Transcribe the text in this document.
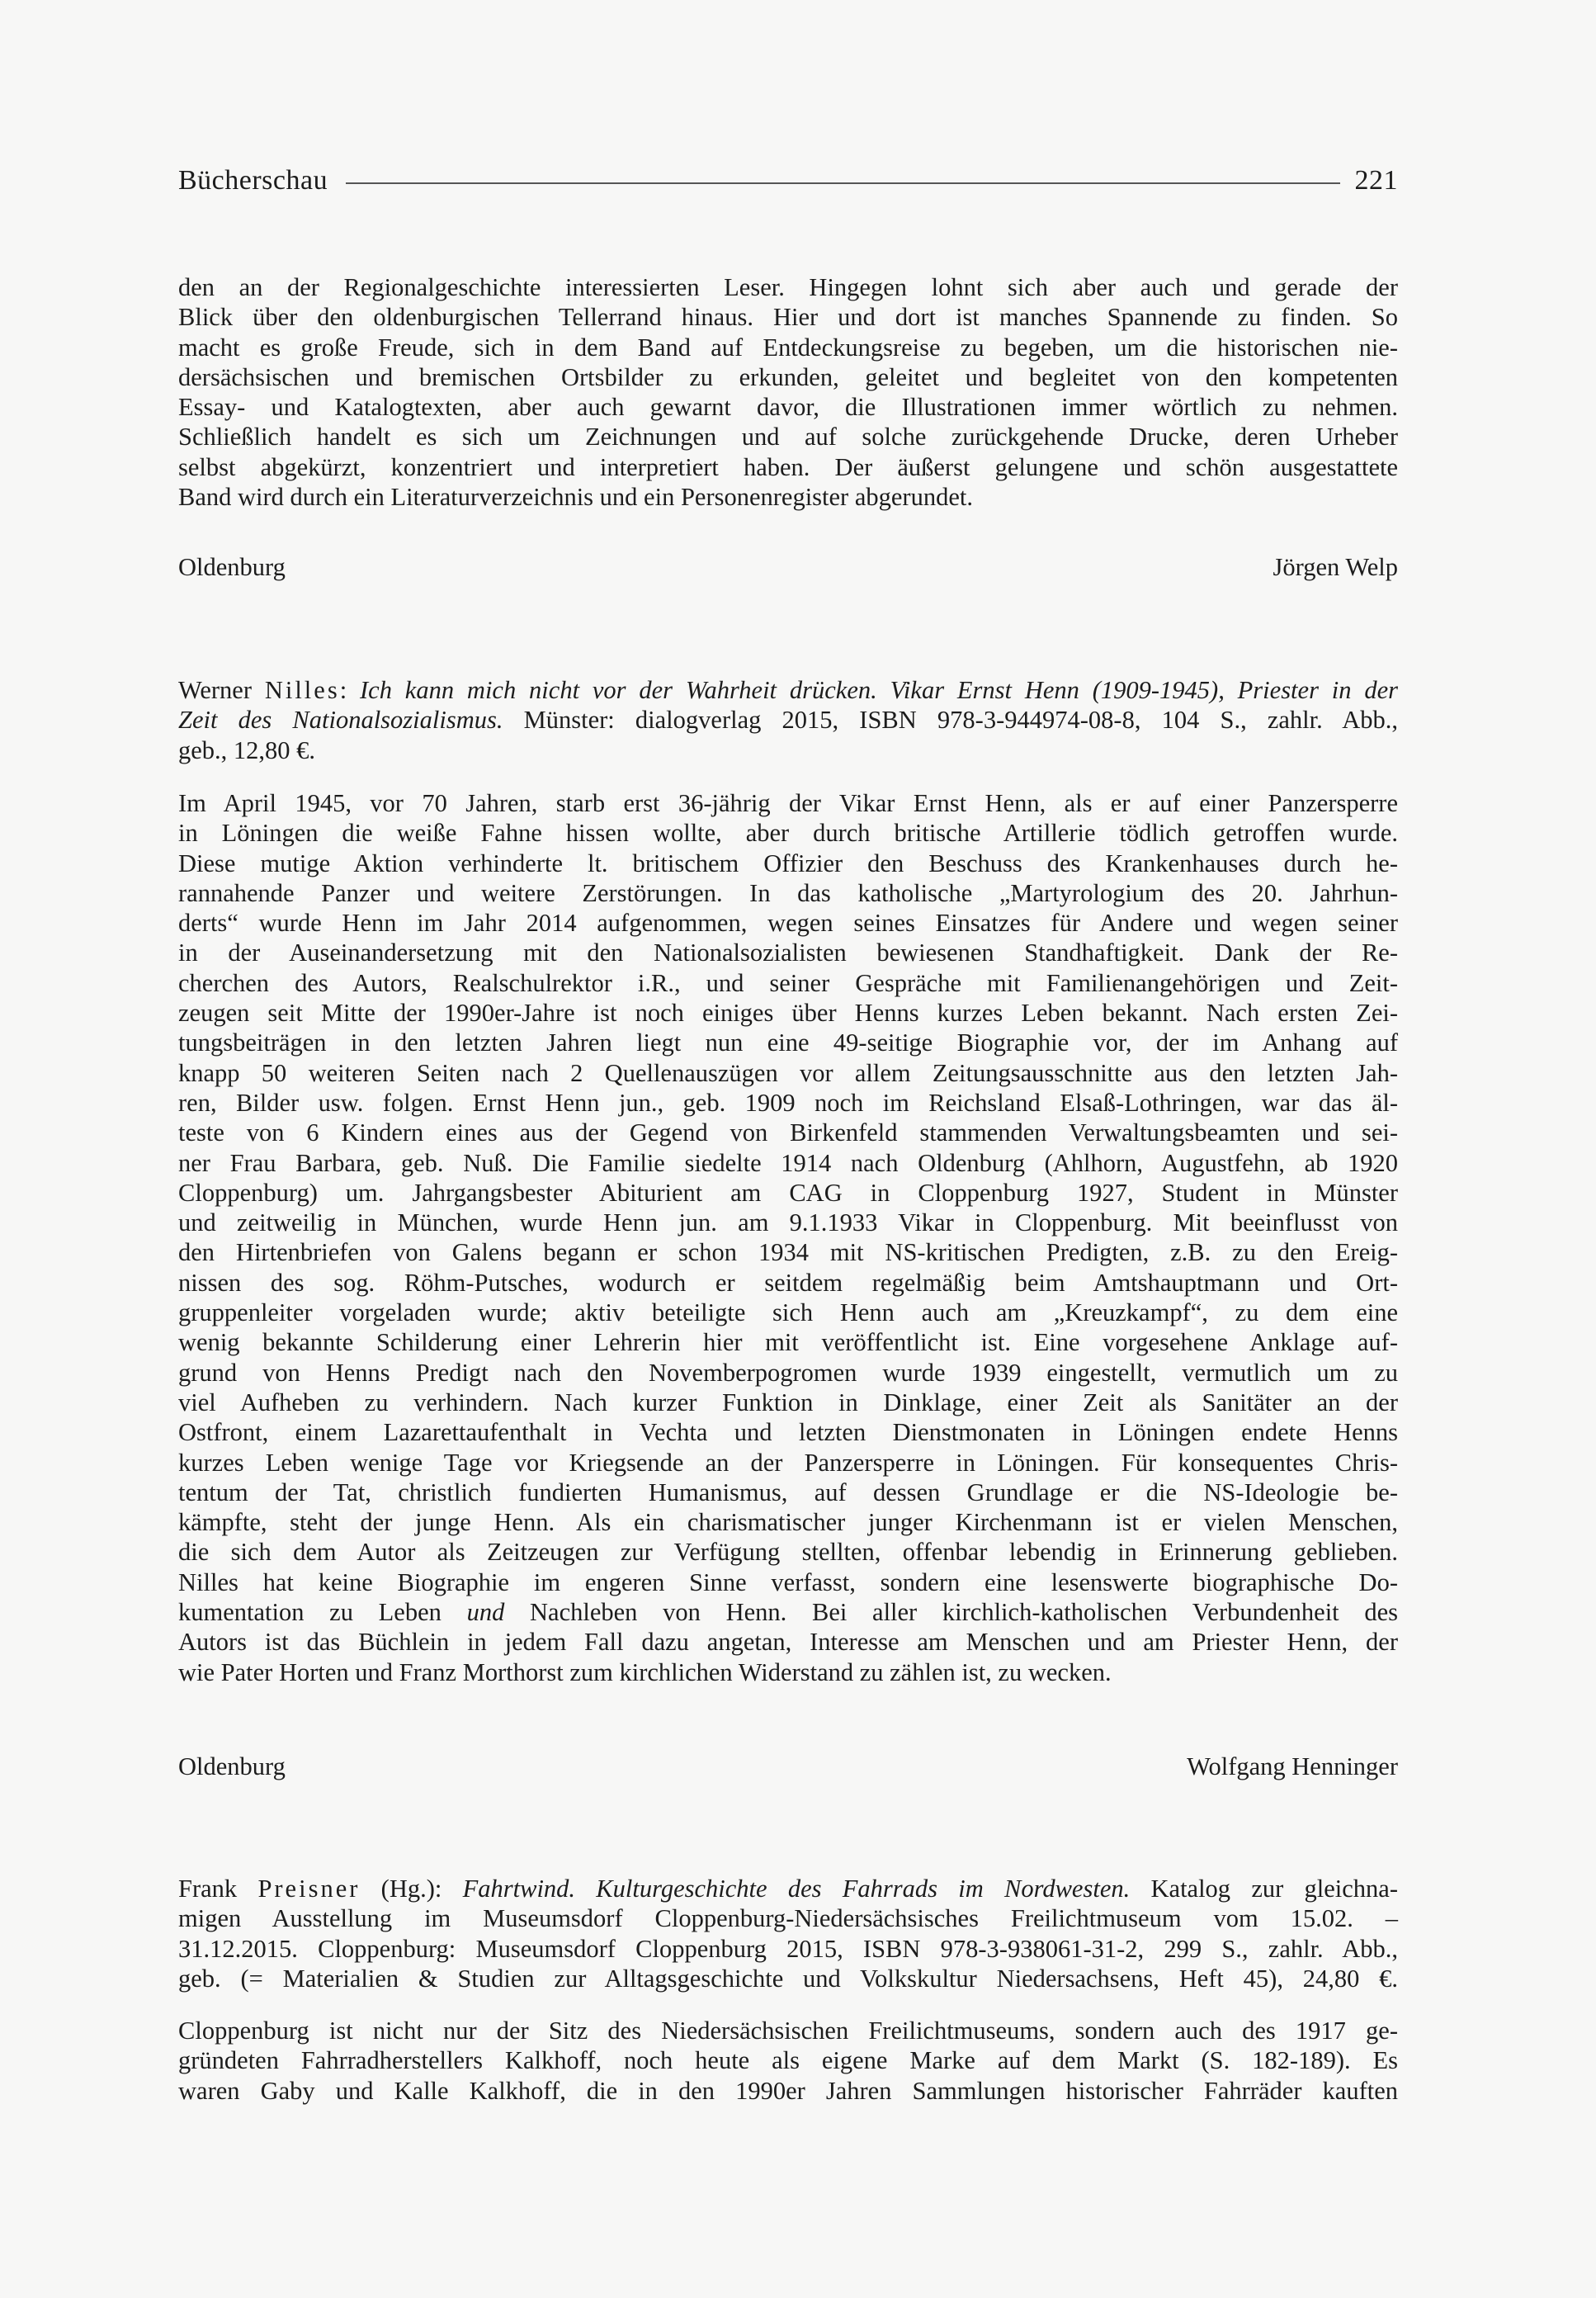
Bücherschau	221
den an der Regionalgeschichte interessierten Leser. Hingegen lohnt sich aber auch und gerade der
Blick über den oldenburgischen Tellerrand hinaus. Hier und dort ist manches Spannende zu finden. So
macht es große Freude, sich in dem Band auf Entdeckungsreise zu begeben, um die historischen nie-
dersächsischen und bremischen Ortsbilder zu erkunden, geleitet und begleitet von den kompetenten
Essay- und Katalogtexten, aber auch gewarnt davor, die Illustrationen immer wörtlich zu nehmen.
Schließlich handelt es sich um Zeichnungen und auf solche zurückgehende Drucke, deren Urheber
selbst abgekürzt, konzentriert und interpretiert haben. Der äußerst gelungene und schön ausgestattete
Band wird durch ein Literaturverzeichnis und ein Personenregister abgerundet.
Oldenburg	Jörgen Welp
Werner Nilles: Ich kann mich nicht vor der Wahrheit drücken. Vikar Ernst Henn (1909-1945), Priester in der
Zeit des Nationalsozialismus. Münster: dialogverlag 2015, ISBN 978-3-944974-08-8, 104 S., zahlr. Abb.,
geb., 12,80 €.
Im April 1945, vor 70 Jahren, starb erst 36-jährig der Vikar Ernst Henn, als er auf einer Panzersperre
in Löningen die weiße Fahne hissen wollte, aber durch britische Artillerie tödlich getroffen wurde.
Diese mutige Aktion verhinderte lt. britischem Offizier den Beschuss des Krankenhauses durch he-
rannahende Panzer und weitere Zerstörungen. In das katholische „Martyrologium des 20. Jahrhun-
derts“ wurde Henn im Jahr 2014 aufgenommen, wegen seines Einsatzes für Andere und wegen seiner
in der Auseinandersetzung mit den Nationalsozialisten bewiesenen Standhaftigkeit. Dank der Re-
cherchen des Autors, Realschulrektor i.R., und seiner Gespräche mit Familienangehörigen und Zeit-
zeugen seit Mitte der 1990er-Jahre ist noch einiges über Henns kurzes Leben bekannt. Nach ersten Zei-
tungsbeiträgen in den letzten Jahren liegt nun eine 49-seitige Biographie vor, der im Anhang auf
knapp 50 weiteren Seiten nach 2 Quellenauszügen vor allem Zeitungsausschnitte aus den letzten Jah-
ren, Bilder usw. folgen. Ernst Henn jun., geb. 1909 noch im Reichsland Elsaß-Lothringen, war das äl-
teste von 6 Kindern eines aus der Gegend von Birkenfeld stammenden Verwaltungsbeamten und sei-
ner Frau Barbara, geb. Nuß. Die Familie siedelte 1914 nach Oldenburg (Ahlhorn, Augustfehn, ab 1920
Cloppenburg) um. Jahrgangsbester Abiturient am CAG in Cloppenburg 1927, Student in Münster
und zeitweilig in München, wurde Henn jun. am 9.1.1933 Vikar in Cloppenburg. Mit beeinflusst von
den Hirtenbriefen von Galens begann er schon 1934 mit NS-kritischen Predigten, z.B. zu den Ereig-
nissen des sog. Röhm-Putsches, wodurch er seitdem regelmäßig beim Amtshauptmann und Ort-
gruppenleiter vorgeladen wurde; aktiv beteiligte sich Henn auch am „Kreuzkampf“, zu dem eine
wenig bekannte Schilderung einer Lehrerin hier mit veröffentlicht ist. Eine vorgesehene Anklage auf-
grund von Henns Predigt nach den Novemberpogromen wurde 1939 eingestellt, vermutlich um zu
viel Aufheben zu verhindern. Nach kurzer Funktion in Dinklage, einer Zeit als Sanitäter an der
Ostfront, einem Lazarettaufenthalt in Vechta und letzten Dienstmonaten in Löningen endete Henns
kurzes Leben wenige Tage vor Kriegsende an der Panzersperre in Löningen. Für konsequentes Chris-
tentum der Tat, christlich fundierten Humanismus, auf dessen Grundlage er die NS-Ideologie be-
kämpfte, steht der junge Henn. Als ein charismatischer junger Kirchenmann ist er vielen Menschen,
die sich dem Autor als Zeitzeugen zur Verfügung stellten, offenbar lebendig in Erinnerung geblieben.
Nilles hat keine Biographie im engeren Sinne verfasst, sondern eine lesenswerte biographische Do-
kumentation zu Leben und Nachleben von Henn. Bei aller kirchlich-katholischen Verbundenheit des
Autors ist das Büchlein in jedem Fall dazu angetan, Interesse am Menschen und am Priester Henn, der
wie Pater Horten und Franz Morthorst zum kirchlichen Widerstand zu zählen ist, zu wecken.
Oldenburg	Wolfgang Henninger
Frank Preisner (Hg.): Fahrtwind. Kulturgeschichte des Fahrrads im Nordwesten. Katalog zur gleichna-
migen Ausstellung im Museumsdorf Cloppenburg-Niedersächsisches Freilichtmuseum vom 15.02. –
31.12.2015. Cloppenburg: Museumsdorf Cloppenburg 2015, ISBN 978-3-938061-31-2, 299 S., zahlr. Abb.,
geb. (= Materialien & Studien zur Alltagsgeschichte und Volkskultur Niedersachsens, Heft 45), 24,80 €.
Cloppenburg ist nicht nur der Sitz des Niedersächsischen Freilichtmuseums, sondern auch des 1917 ge-
gründeten Fahrradherstellers Kalkhoff, noch heute als eigene Marke auf dem Markt (S. 182-189). Es
waren Gaby und Kalle Kalkhoff, die in den 1990er Jahren Sammlungen historischer Fahrräder kauften
